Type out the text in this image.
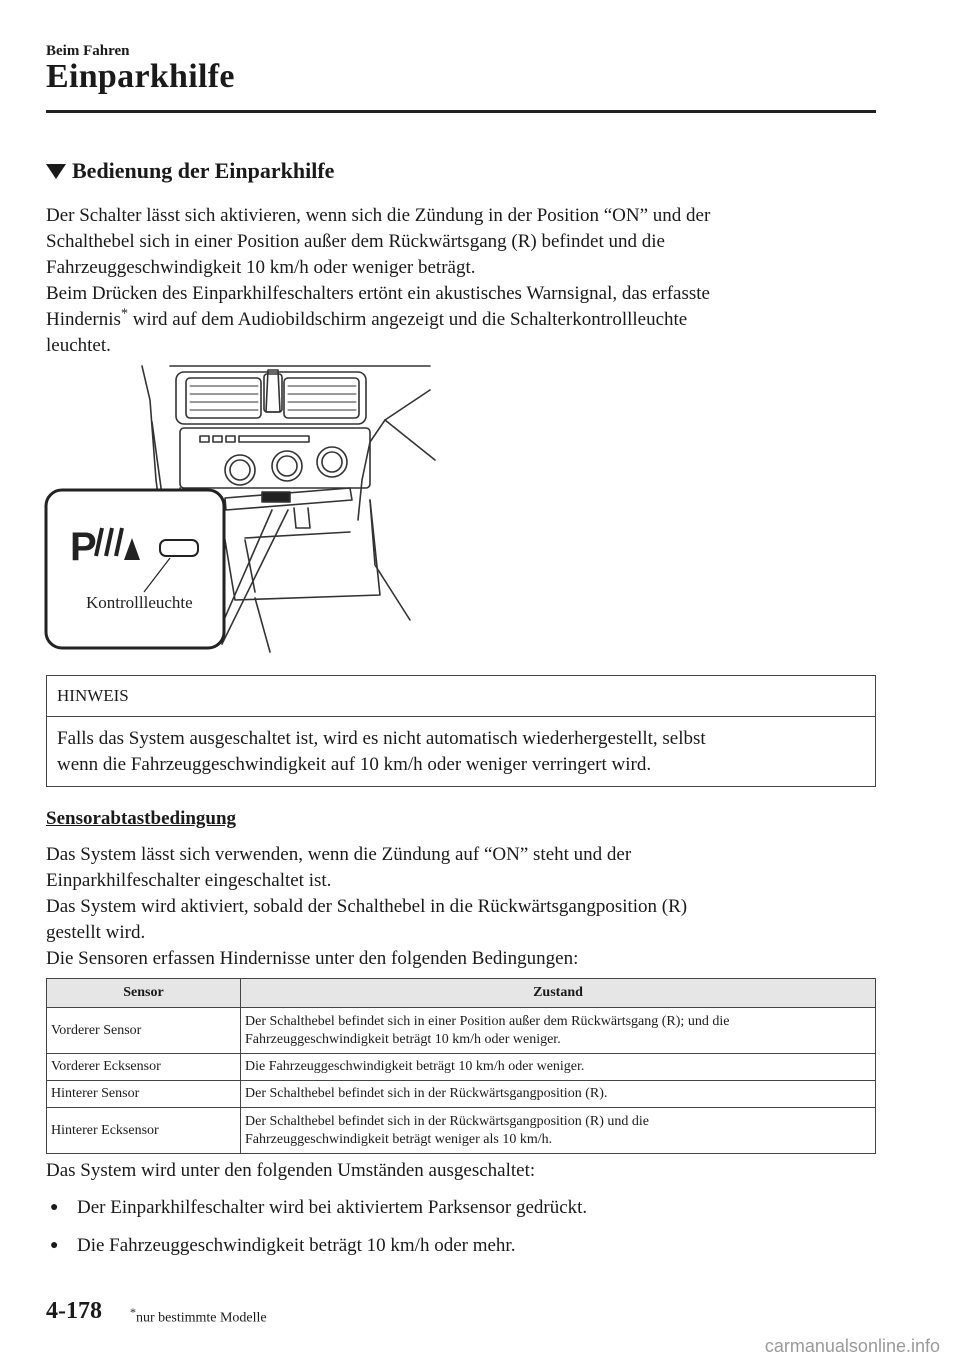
Beim Fahren
Einparkhilfe
Bedienung der Einparkhilfe

Der Schalter lässt sich aktivieren, wenn sich die Zündung in der Position “ON” und der

Schalthebel sich in einer Position außer dem Rückwärtsgang (R) befindet und die

Fahrzeuggeschwindigkeit 10 km/h oder weniger beträgt.

Beim Drücken des Einparkhilfeschalters ertönt ein akustisches Warnsignal, das erfasste

Hindernis* wird auf dem Audiobildschirm angezeigt und die Schalterkontrollleuchte

leuchtet.

P
Kontrollleuchte
HINWEIS
Falls das System ausgeschaltet ist, wird es nicht automatisch wiederhergestellt, selbst
wenn die Fahrzeuggeschwindigkeit auf 10 km/h oder weniger verringert wird.
Sensorabtastbedingung

Das System lässt sich verwenden, wenn die Zündung auf “ON” steht und der

Einparkhilfeschalter eingeschaltet ist.

Das System wird aktiviert, sobald der Schalthebel in die Rückwärtsgangposition (R)

gestellt wird.

Die Sensoren erfassen Hindernisse unter den folgenden Bedingungen:

Sensor	Zustand
Vorderer Sensor	Der Schalthebel befindet sich in einer Position außer dem Rückwärtsgang (R); und die
Fahrzeuggeschwindigkeit beträgt 10 km/h oder weniger.

Vorderer Ecksensor	Die Fahrzeuggeschwindigkeit beträgt 10 km/h oder weniger.
Hinterer Sensor	Der Schalthebel befindet sich in der Rückwärtsgangposition (R).
Hinterer Ecksensor	Der Schalthebel befindet sich in der Rückwärtsgangposition (R) und die
Fahrzeuggeschwindigkeit beträgt weniger als 10 km/h.
Das System wird unter den folgenden Umständen ausgeschaltet:
● Der Einparkhilfeschalter wird bei aktiviertem Parksensor gedrückt.
● Die Fahrzeuggeschwindigkeit beträgt 10 km/h oder mehr.
4-178 *nur bestimmte Modelle
carmanualsonline.info
